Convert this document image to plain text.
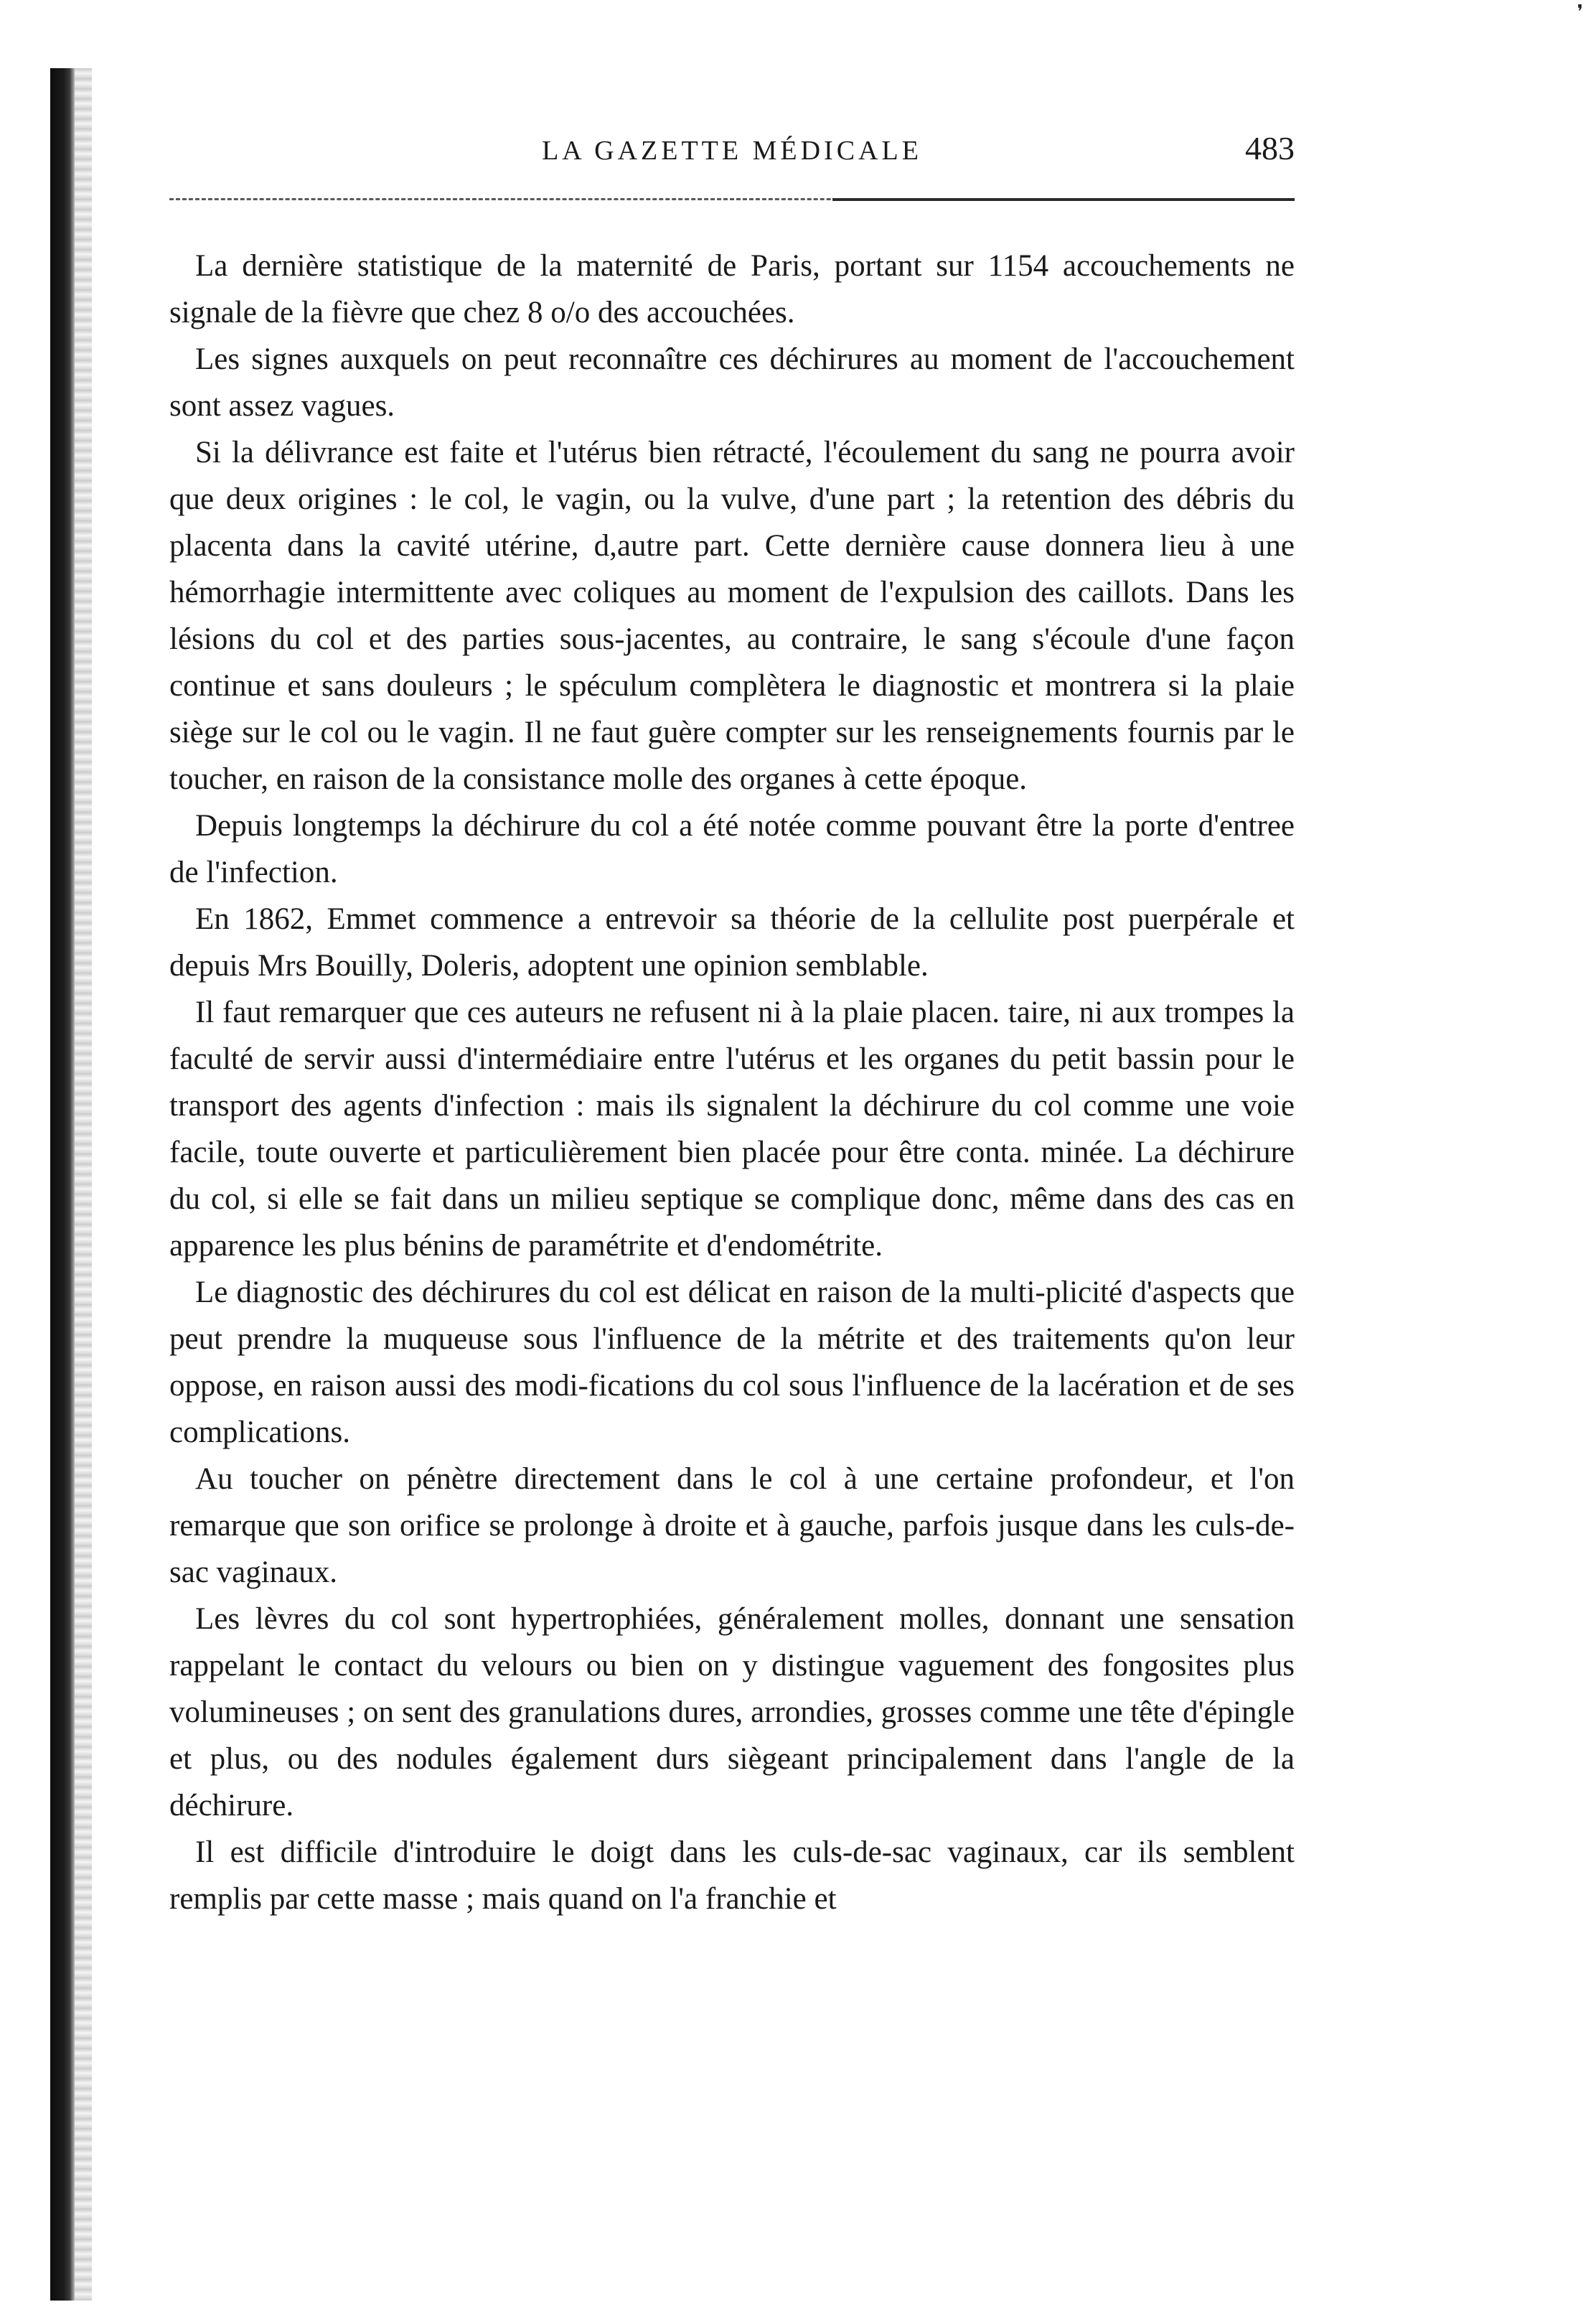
❜
LA GAZETTE MÉDICALE	483

La dernière statistique de la maternité de Paris, portant sur 1154 accouchements ne signale de la fièvre que chez 8 o/o des accouchées.

Les signes auxquels on peut reconnaître ces déchirures au moment de l'accouchement sont assez vagues.

Si la délivrance est faite et l'utérus bien rétracté, l'écoulement du sang ne pourra avoir que deux origines : le col, le vagin, ou la vulve, d'une part ; la retention des débris du placenta dans la cavité utérine, d,autre part. Cette dernière cause donnera lieu à une hémorrhagie intermittente avec coliques au moment de l'expulsion des caillots. Dans les lésions du col et des parties sous-jacentes, au contraire, le sang s'écoule d'une façon continue et sans douleurs ; le spéculum complètera le diagnostic et montrera si la plaie siège sur le col ou le vagin. Il ne faut guère compter sur les renseignements fournis par le toucher, en raison de la consistance molle des organes à cette époque.

Depuis longtemps la déchirure du col a été notée comme pouvant être la porte d'entree de l'infection.

En 1862, Emmet commence a entrevoir sa théorie de la cellulite post puerpérale et depuis Mrs Bouilly, Doleris, adoptent une opinion semblable.

Il faut remarquer que ces auteurs ne refusent ni à la plaie placen. taire, ni aux trompes la faculté de servir aussi d'intermédiaire entre l'utérus et les organes du petit bassin pour le transport des agents d'infection : mais ils signalent la déchirure du col comme une voie facile, toute ouverte et particulièrement bien placée pour être conta. minée. La déchirure du col, si elle se fait dans un milieu septique se complique donc, même dans des cas en apparence les plus bénins de paramétrite et d'endométrite.

Le diagnostic des déchirures du col est délicat en raison de la multi-plicité d'aspects que peut prendre la muqueuse sous l'influence de la métrite et des traitements qu'on leur oppose, en raison aussi des modi-fications du col sous l'influence de la lacération et de ses complications.

Au toucher on pénètre directement dans le col à une certaine profondeur, et l'on remarque que son orifice se prolonge à droite et à gauche, parfois jusque dans les culs-de-sac vaginaux.

Les lèvres du col sont hypertrophiées, généralement molles, donnant une sensation rappelant le contact du velours ou bien on y distingue vaguement des fongosites plus volumineuses ; on sent des granulations dures, arrondies, grosses comme une tête d'épingle et plus, ou des nodules également durs siègeant principalement dans l'angle de la déchirure.

Il est difficile d'introduire le doigt dans les culs-de-sac vaginaux, car ils semblent remplis par cette masse ; mais quand on l'a franchie et
